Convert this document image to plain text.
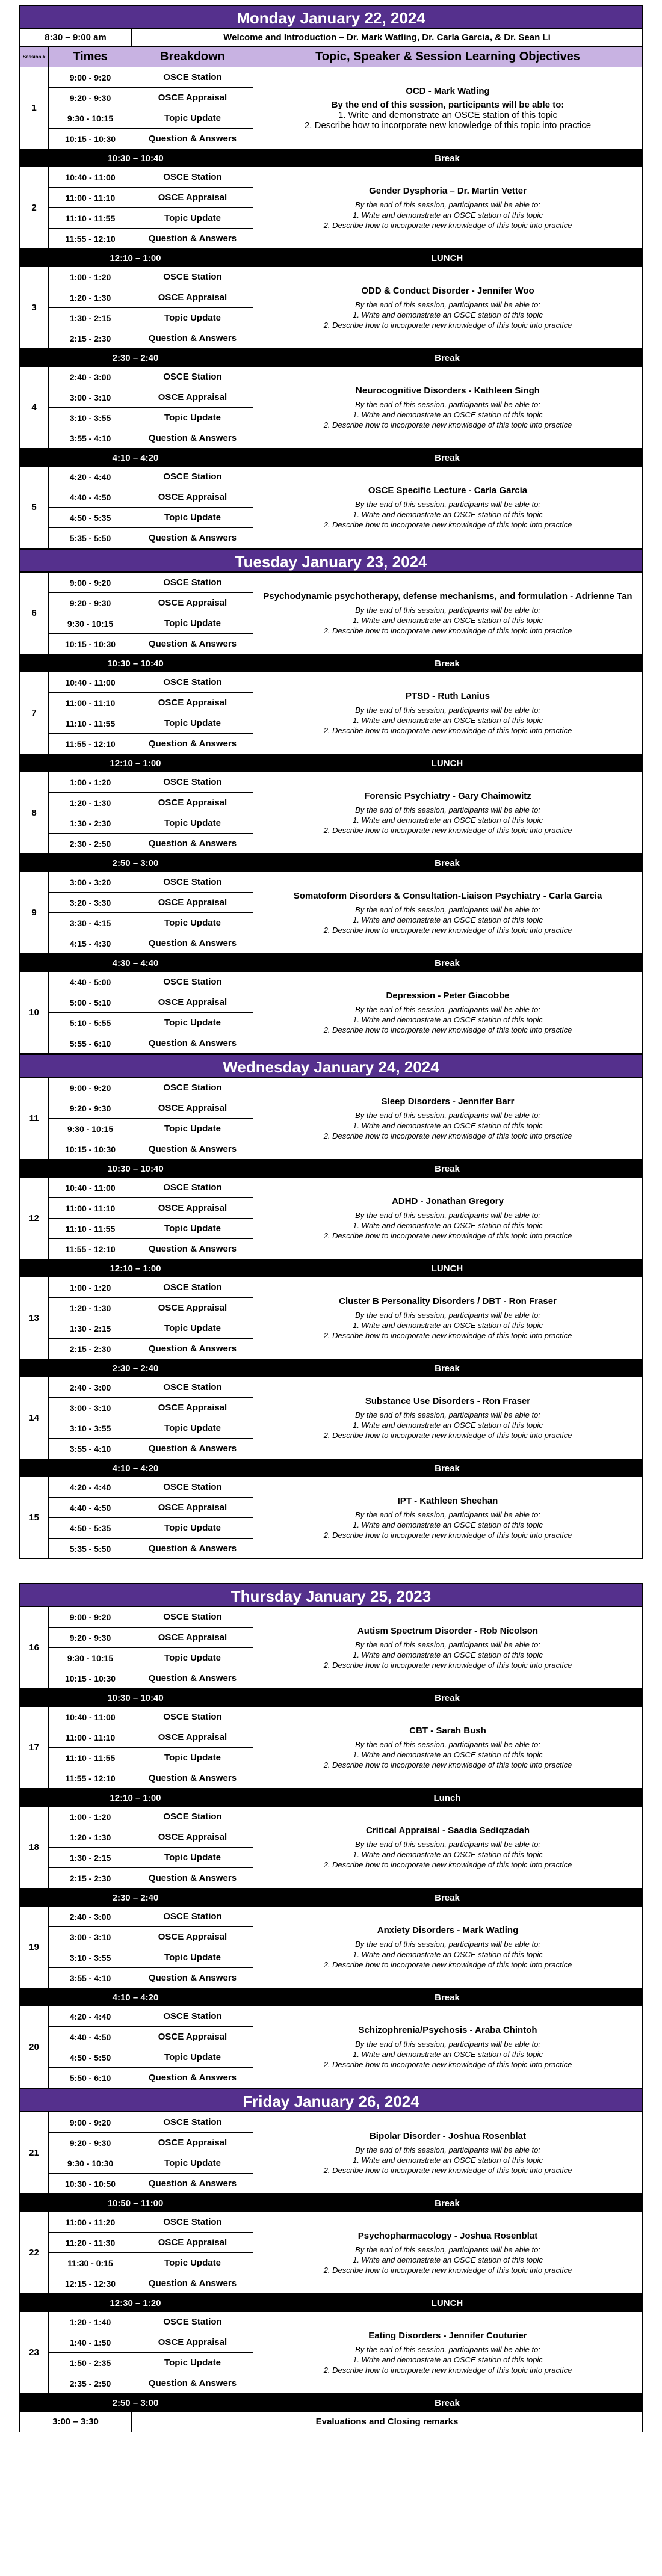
Monday January 22, 2024
8:30 – 9:00 am	Welcome and Introduction – Dr. Mark Watling, Dr. Carla Garcia, & Dr. Sean Li
Session #	Times	Breakdown	Topic, Speaker & Session Learning Objectives
1
9:00 - 9:20	OSCE Station
9:20 - 9:30	OSCE Appraisal
9:30 - 10:15	Topic Update
10:15 - 10:30	Question & Answers
OCD - Mark Watling
By the end of this session, participants will be able to:
1. Write and demonstrate an OSCE station of this topic
2. Describe how to incorporate new knowledge of this topic into practice
10:30 – 10:40	Break
2
10:40 - 11:00	OSCE Station
11:00 - 11:10	OSCE Appraisal
11:10 - 11:55	Topic Update
11:55 - 12:10	Question & Answers
Gender Dysphoria – Dr. Martin Vetter
By the end of this session, participants will be able to:
1. Write and demonstrate an OSCE station of this topic
2. Describe how to incorporate new knowledge of this topic into practice
12:10 – 1:00	LUNCH
3
1:00 - 1:20	OSCE Station
1:20 - 1:30	OSCE Appraisal
1:30 - 2:15	Topic Update
2:15 - 2:30	Question & Answers
ODD & Conduct Disorder - Jennifer Woo
By the end of this session, participants will be able to:
1. Write and demonstrate an OSCE station of this topic
2. Describe how to incorporate new knowledge of this topic into practice
2:30 – 2:40	Break
4
2:40 - 3:00	OSCE Station
3:00 - 3:10	OSCE Appraisal
3:10 - 3:55	Topic Update
3:55 - 4:10	Question & Answers
Neurocognitive Disorders - Kathleen Singh
By the end of this session, participants will be able to:
1. Write and demonstrate an OSCE station of this topic
2. Describe how to incorporate new knowledge of this topic into practice
4:10 – 4:20	Break
5
4:20 - 4:40	OSCE Station
4:40 - 4:50	OSCE Appraisal
4:50 - 5:35	Topic Update
5:35 - 5:50	Question & Answers
OSCE Specific Lecture - Carla Garcia
By the end of this session, participants will be able to:
1. Write and demonstrate an OSCE station of this topic
2. Describe how to incorporate new knowledge of this topic into practice
Tuesday January 23, 2024
6
9:00 - 9:20	OSCE Station
9:20 - 9:30	OSCE Appraisal
9:30 - 10:15	Topic Update
10:15 - 10:30	Question & Answers
Psychodynamic psychotherapy, defense mechanisms, and formulation - Adrienne Tan
By the end of this session, participants will be able to:
1. Write and demonstrate an OSCE station of this topic
2. Describe how to incorporate new knowledge of this topic into practice
10:30 – 10:40	Break
7
10:40 - 11:00	OSCE Station
11:00 - 11:10	OSCE Appraisal
11:10 - 11:55	Topic Update
11:55 - 12:10	Question & Answers
PTSD - Ruth Lanius
By the end of this session, participants will be able to:
1. Write and demonstrate an OSCE station of this topic
2. Describe how to incorporate new knowledge of this topic into practice
12:10 – 1:00	LUNCH
8
1:00 - 1:20	OSCE Station
1:20 - 1:30	OSCE Appraisal
1:30 - 2:30	Topic Update
2:30 - 2:50	Question & Answers
Forensic Psychiatry - Gary Chaimowitz
By the end of this session, participants will be able to:
1. Write and demonstrate an OSCE station of this topic
2. Describe how to incorporate new knowledge of this topic into practice
2:50 – 3:00	Break
9
3:00 - 3:20	OSCE Station
3:20 - 3:30	OSCE Appraisal
3:30 - 4:15	Topic Update
4:15 - 4:30	Question & Answers
Somatoform Disorders & Consultation-Liaison Psychiatry - Carla Garcia
By the end of this session, participants will be able to:
1. Write and demonstrate an OSCE station of this topic
2. Describe how to incorporate new knowledge of this topic into practice
4:30 – 4:40	Break
10
4:40 - 5:00	OSCE Station
5:00 - 5:10	OSCE Appraisal
5:10 - 5:55	Topic Update
5:55 - 6:10	Question & Answers
Depression - Peter Giacobbe
By the end of this session, participants will be able to:
1. Write and demonstrate an OSCE station of this topic
2. Describe how to incorporate new knowledge of this topic into practice
Wednesday January 24, 2024
11
9:00 - 9:20	OSCE Station
9:20 - 9:30	OSCE Appraisal
9:30 - 10:15	Topic Update
10:15 - 10:30	Question & Answers
Sleep Disorders - Jennifer Barr
By the end of this session, participants will be able to:
1. Write and demonstrate an OSCE station of this topic
2. Describe how to incorporate new knowledge of this topic into practice
10:30 – 10:40	Break
12
10:40 - 11:00	OSCE Station
11:00 - 11:10	OSCE Appraisal
11:10 - 11:55	Topic Update
11:55 - 12:10	Question & Answers
ADHD - Jonathan Gregory
By the end of this session, participants will be able to:
1. Write and demonstrate an OSCE station of this topic
2. Describe how to incorporate new knowledge of this topic into practice
12:10 – 1:00	LUNCH
13
1:00 - 1:20	OSCE Station
1:20 - 1:30	OSCE Appraisal
1:30 - 2:15	Topic Update
2:15 - 2:30	Question & Answers
Cluster B Personality Disorders / DBT - Ron Fraser
By the end of this session, participants will be able to:
1. Write and demonstrate an OSCE station of this topic
2. Describe how to incorporate new knowledge of this topic into practice
2:30 – 2:40	Break
14
2:40 - 3:00	OSCE Station
3:00 - 3:10	OSCE Appraisal
3:10 - 3:55	Topic Update
3:55 - 4:10	Question & Answers
Substance Use Disorders - Ron Fraser
By the end of this session, participants will be able to:
1. Write and demonstrate an OSCE station of this topic
2. Describe how to incorporate new knowledge of this topic into practice
4:10 – 4:20	Break
15
4:20 - 4:40	OSCE Station
4:40 - 4:50	OSCE Appraisal
4:50 - 5:35	Topic Update
5:35 - 5:50	Question & Answers
IPT - Kathleen Sheehan
By the end of this session, participants will be able to:
1. Write and demonstrate an OSCE station of this topic
2. Describe how to incorporate new knowledge of this topic into practice
Thursday January 25, 2023
16
9:00 - 9:20	OSCE Station
9:20 - 9:30	OSCE Appraisal
9:30 - 10:15	Topic Update
10:15 - 10:30	Question & Answers
Autism Spectrum Disorder - Rob Nicolson
By the end of this session, participants will be able to:
1. Write and demonstrate an OSCE station of this topic
2. Describe how to incorporate new knowledge of this topic into practice
10:30 – 10:40	Break
17
10:40 - 11:00	OSCE Station
11:00 - 11:10	OSCE Appraisal
11:10 - 11:55	Topic Update
11:55 - 12:10	Question & Answers
CBT - Sarah Bush
By the end of this session, participants will be able to:
1. Write and demonstrate an OSCE station of this topic
2. Describe how to incorporate new knowledge of this topic into practice
12:10 – 1:00	Lunch
18
1:00 - 1:20	OSCE Station
1:20 - 1:30	OSCE Appraisal
1:30 - 2:15	Topic Update
2:15 - 2:30	Question & Answers
Critical Appraisal - Saadia Sediqzadah
By the end of this session, participants will be able to:
1. Write and demonstrate an OSCE station of this topic
2. Describe how to incorporate new knowledge of this topic into practice
2:30 – 2:40	Break
19
2:40 - 3:00	OSCE Station
3:00 - 3:10	OSCE Appraisal
3:10 - 3:55	Topic Update
3:55 - 4:10	Question & Answers
Anxiety Disorders - Mark Watling
By the end of this session, participants will be able to:
1. Write and demonstrate an OSCE station of this topic
2. Describe how to incorporate new knowledge of this topic into practice
4:10 – 4:20	Break
20
4:20 - 4:40	OSCE Station
4:40 - 4:50	OSCE Appraisal
4:50 - 5:50	Topic Update
5:50 - 6:10	Question & Answers
Schizophrenia/Psychosis - Araba Chintoh
By the end of this session, participants will be able to:
1. Write and demonstrate an OSCE station of this topic
2. Describe how to incorporate new knowledge of this topic into practice
Friday January 26, 2024
21
9:00 - 9:20	OSCE Station
9:20 - 9:30	OSCE Appraisal
9:30 - 10:30	Topic Update
10:30 - 10:50	Question & Answers
Bipolar Disorder - Joshua Rosenblat
By the end of this session, participants will be able to:
1. Write and demonstrate an OSCE station of this topic
2. Describe how to incorporate new knowledge of this topic into practice
10:50 – 11:00	Break
22
11:00 - 11:20	OSCE Station
11:20 - 11:30	OSCE Appraisal
11:30 - 0:15	Topic Update
12:15 - 12:30	Question & Answers
Psychopharmacology - Joshua Rosenblat
By the end of this session, participants will be able to:
1. Write and demonstrate an OSCE station of this topic
2. Describe how to incorporate new knowledge of this topic into practice
12:30 – 1:20	LUNCH
23
1:20 - 1:40	OSCE Station
1:40 - 1:50	OSCE Appraisal
1:50 - 2:35	Topic Update
2:35 - 2:50	Question & Answers
Eating Disorders - Jennifer Couturier
By the end of this session, participants will be able to:
1. Write and demonstrate an OSCE station of this topic
2. Describe how to incorporate new knowledge of this topic into practice
2:50 – 3:00	Break
3:00 – 3:30	Evaluations and Closing remarks
